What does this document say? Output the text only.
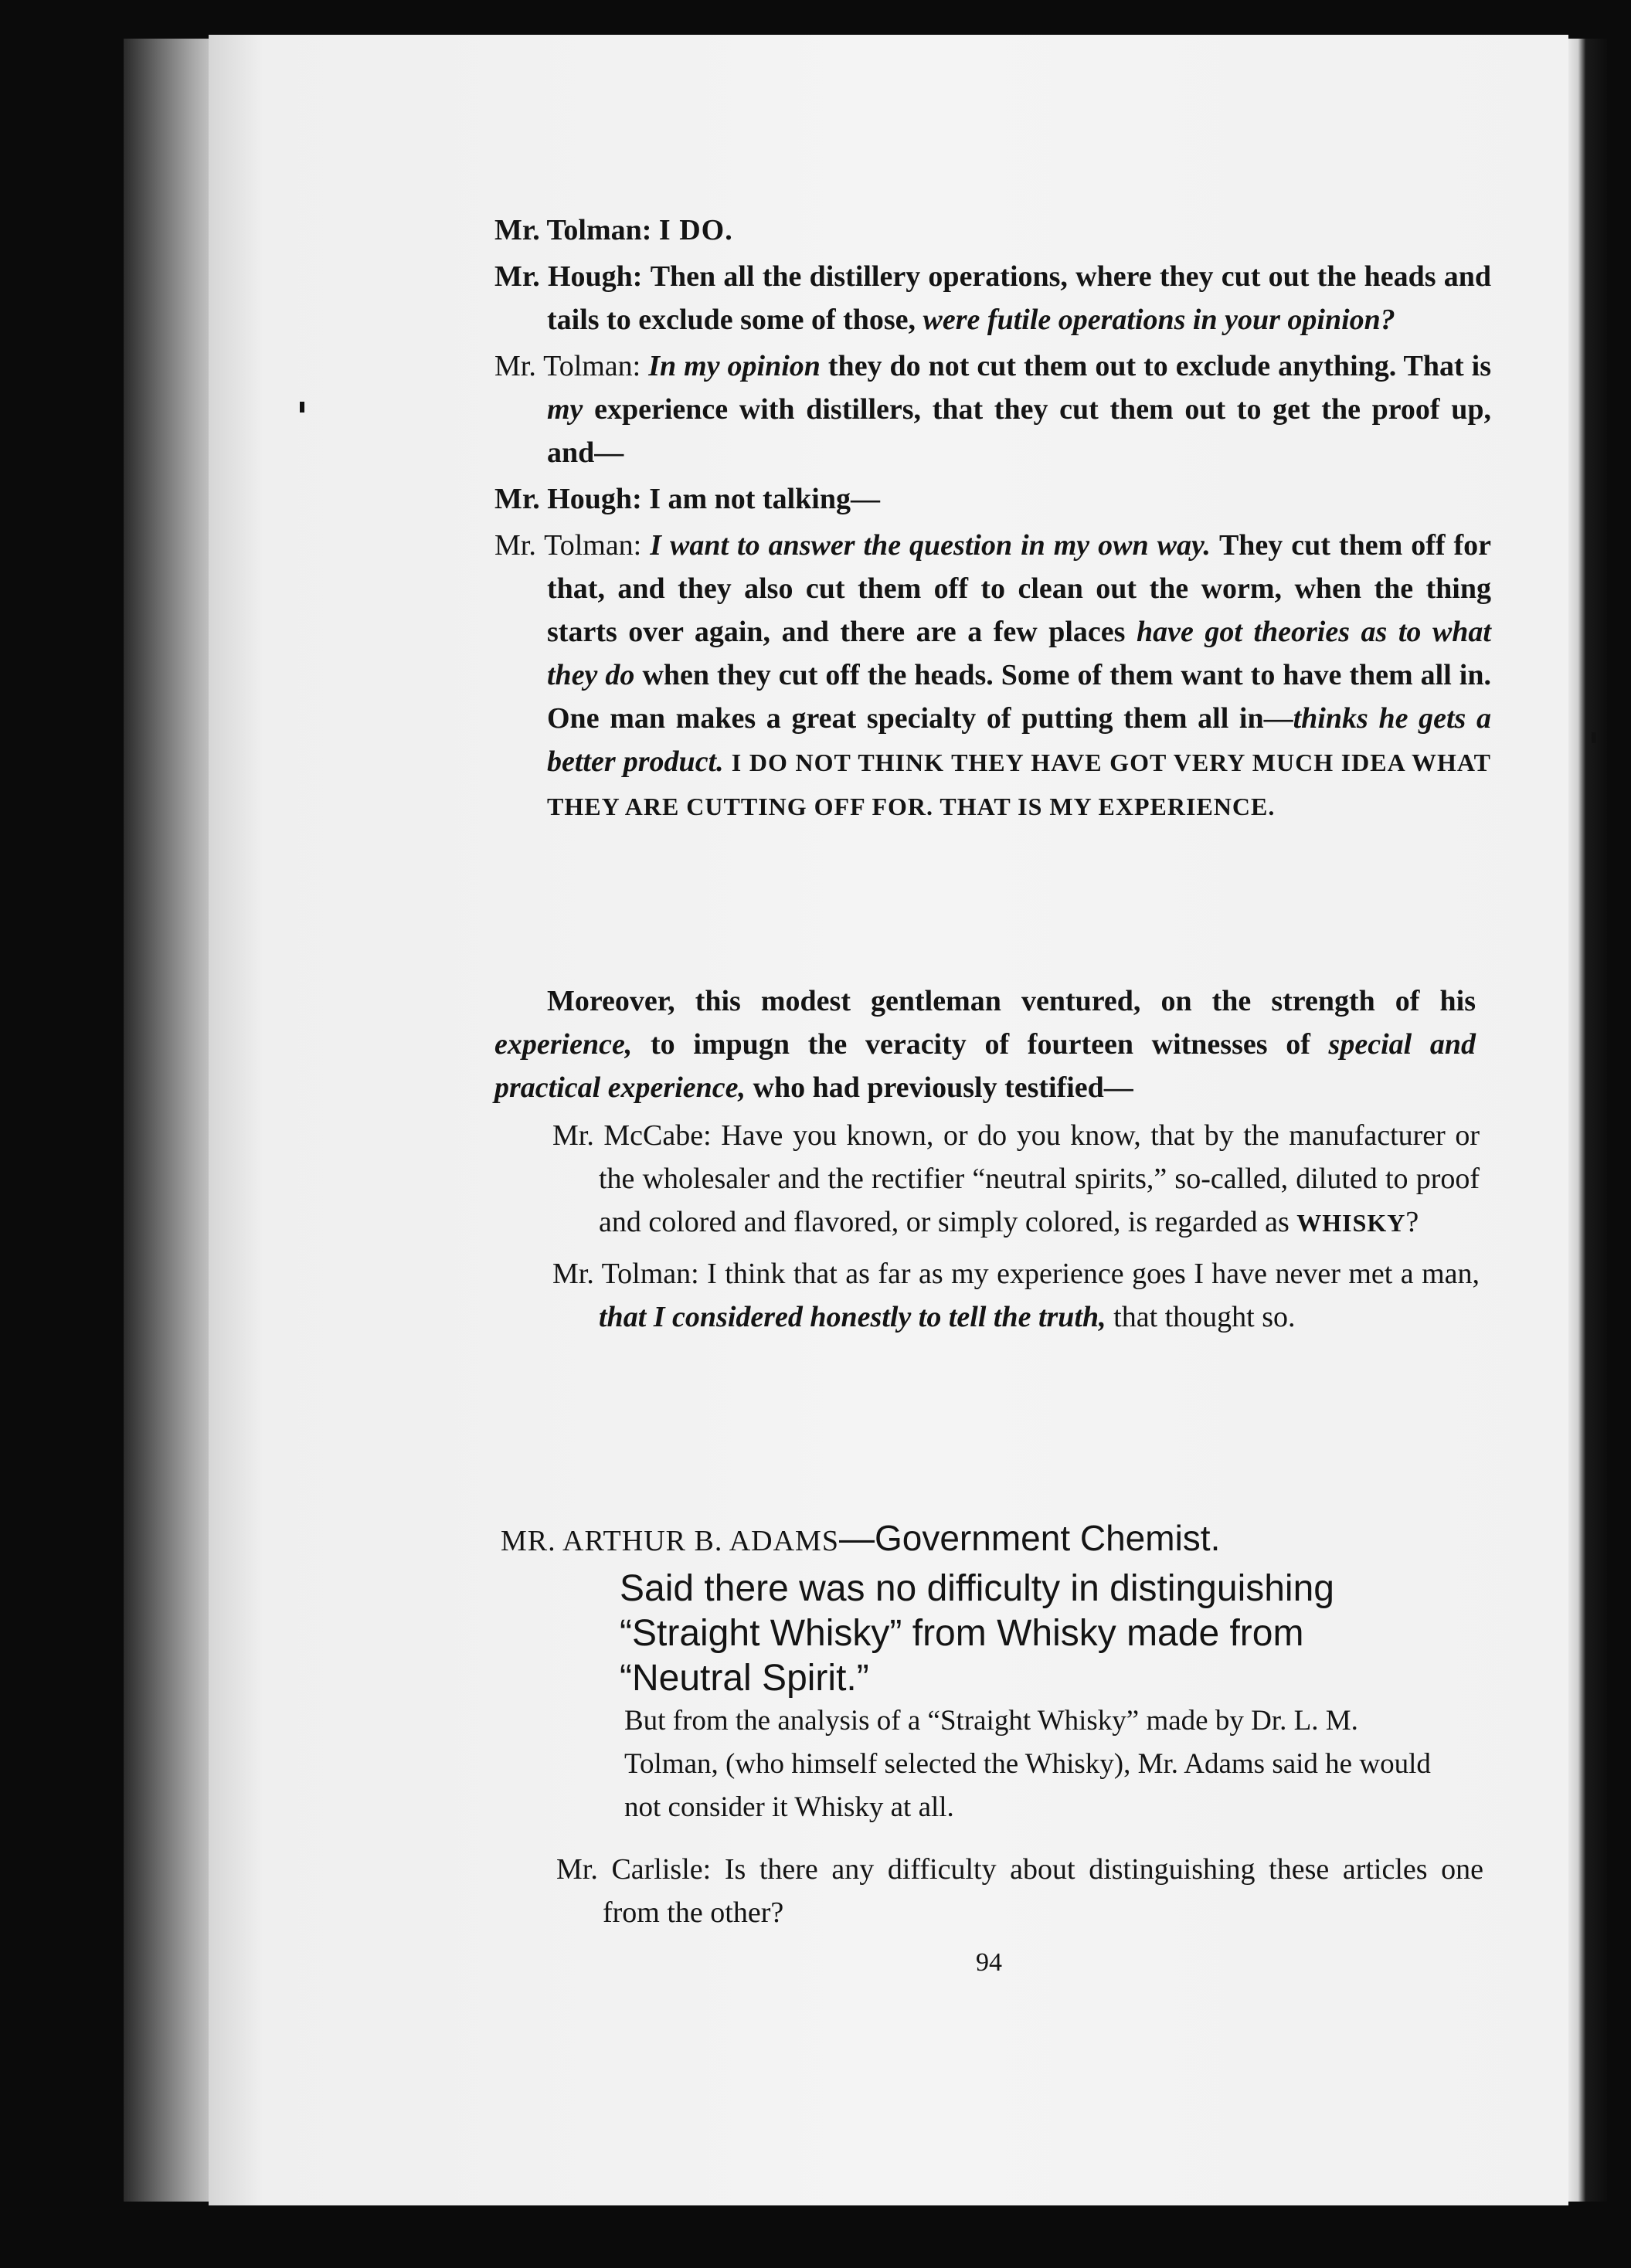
Mr. Tolman: I DO.

Mr. Hough: Then all the distillery operations, where they cut out the heads and tails to exclude some of those, were futile operations in your opinion?

Mr. Tolman: In my opinion they do not cut them out to exclude anything. That is my experience with distillers, that they cut them out to get the proof up, and—

Mr. Hough: I am not talking—

Mr. Tolman: I want to answer the question in my own way. They cut them off for that, and they also cut them off to clean out the worm, when the thing starts over again, and there are a few places have got theories as to what they do when they cut off the heads. Some of them want to have them all in. One man makes a great specialty of putting them all in—thinks he gets a better product. I DO NOT THINK THEY HAVE GOT VERY MUCH IDEA WHAT THEY ARE CUTTING OFF FOR. THAT IS MY EXPERIENCE.

Moreover, this modest gentleman ventured, on the strength of his experience, to impugn the veracity of fourteen witnesses of special and practical experience, who had previously testified—

Mr. McCabe: Have you known, or do you know, that by the manufacturer or the wholesaler and the rectifier “neutral spirits,” so-called, diluted to proof and colored and flavored, or simply colored, is regarded as WHISKY?

Mr. Tolman: I think that as far as my experience goes I have never met a man, that I considered honestly to tell the truth, that thought so.

MR. ARTHUR B. ADAMS—Government Chemist.

Said there was no difficulty in distinguishing “Straight Whisky” from Whisky made from “Neutral Spirit.”

But from the analysis of a “Straight Whisky” made by Dr. L. M. Tolman, (who himself selected the Whisky), Mr. Adams said he would not consider it Whisky at all.

Mr. Carlisle: Is there any difficulty about distinguishing these articles one from the other?

94
